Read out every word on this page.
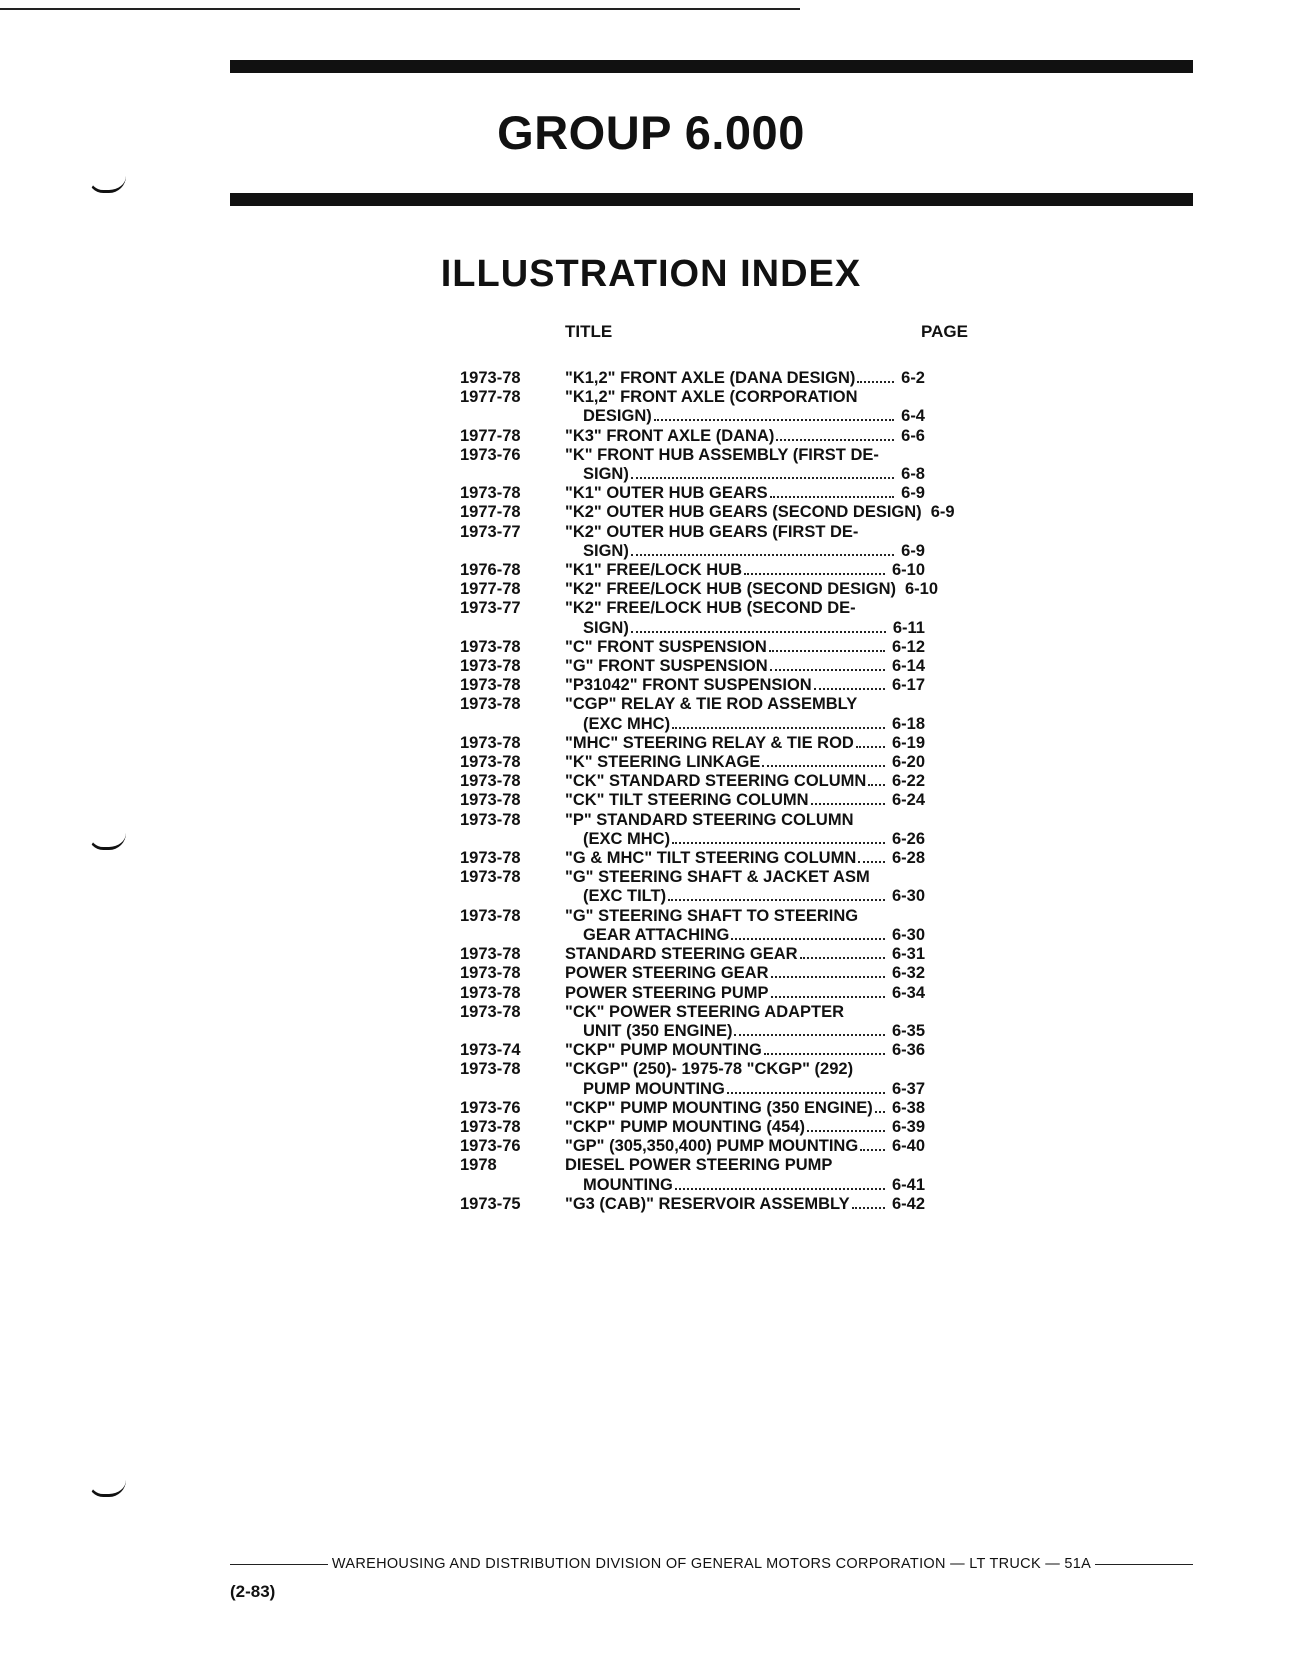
GROUP 6.000
ILLUSTRATION INDEX
TITLE	PAGE
1973-78	"K1,2" FRONT AXLE (DANA DESIGN)	6-2
1977-78	"K1,2" FRONT AXLE (CORPORATION
DESIGN)	6-4
1977-78	"K3" FRONT AXLE (DANA)	6-6
1973-76	"K" FRONT HUB ASSEMBLY (FIRST DE-
SIGN)	6-8
1973-78	"K1" OUTER HUB GEARS	6-9
1977-78	"K2" OUTER HUB GEARS (SECOND DESIGN) 6-9
1973-77	"K2" OUTER HUB GEARS (FIRST DE-
SIGN)	6-9
1976-78	"K1" FREE/LOCK HUB	6-10
1977-78	"K2" FREE/LOCK HUB (SECOND DESIGN) 6-10
1973-77	"K2" FREE/LOCK HUB (SECOND DE-
SIGN)	6-11
1973-78	"C" FRONT SUSPENSION	6-12
1973-78	"G" FRONT SUSPENSION	6-14
1973-78	"P31042" FRONT SUSPENSION	6-17
1973-78	"CGP" RELAY & TIE ROD ASSEMBLY
(EXC MHC)	6-18
1973-78	"MHC" STEERING RELAY & TIE ROD 6-19
1973-78	"K" STEERING LINKAGE	6-20
1973-78	"CK" STANDARD STEERING COLUMN 6-22
1973-78	"CK" TILT STEERING COLUMN	6-24
1973-78	"P" STANDARD STEERING COLUMN
(EXC MHC)	6-26
1973-78	"G & MHC" TILT STEERING COLUMN 6-28
1973-78	"G" STEERING SHAFT & JACKET ASM
(EXC TILT)	6-30
1973-78	"G" STEERING SHAFT TO STEERING
GEAR ATTACHING	6-30
1973-78	STANDARD STEERING GEAR	6-31
1973-78	POWER STEERING GEAR	6-32
1973-78	POWER STEERING PUMP	6-34
1973-78	"CK" POWER STEERING ADAPTER
UNIT (350 ENGINE)	6-35
1973-74	"CKP" PUMP MOUNTING	6-36
1973-78	"CKGP" (250)- 1975-78 "CKGP" (292)
PUMP MOUNTING	6-37
1973-76	"CKP" PUMP MOUNTING (350 ENGINE) 6-38
1973-78	"CKP" PUMP MOUNTING (454)	6-39
1973-76	"GP" (305,350,400) PUMP MOUNTING 6-40
1978	DIESEL POWER STEERING PUMP
MOUNTING	6-41
1973-75	"G3 (CAB)" RESERVOIR ASSEMBLY	6-42
WAREHOUSING AND DISTRIBUTION DIVISION OF GENERAL MOTORS CORPORATION — LT TRUCK — 51A
(2-83)
